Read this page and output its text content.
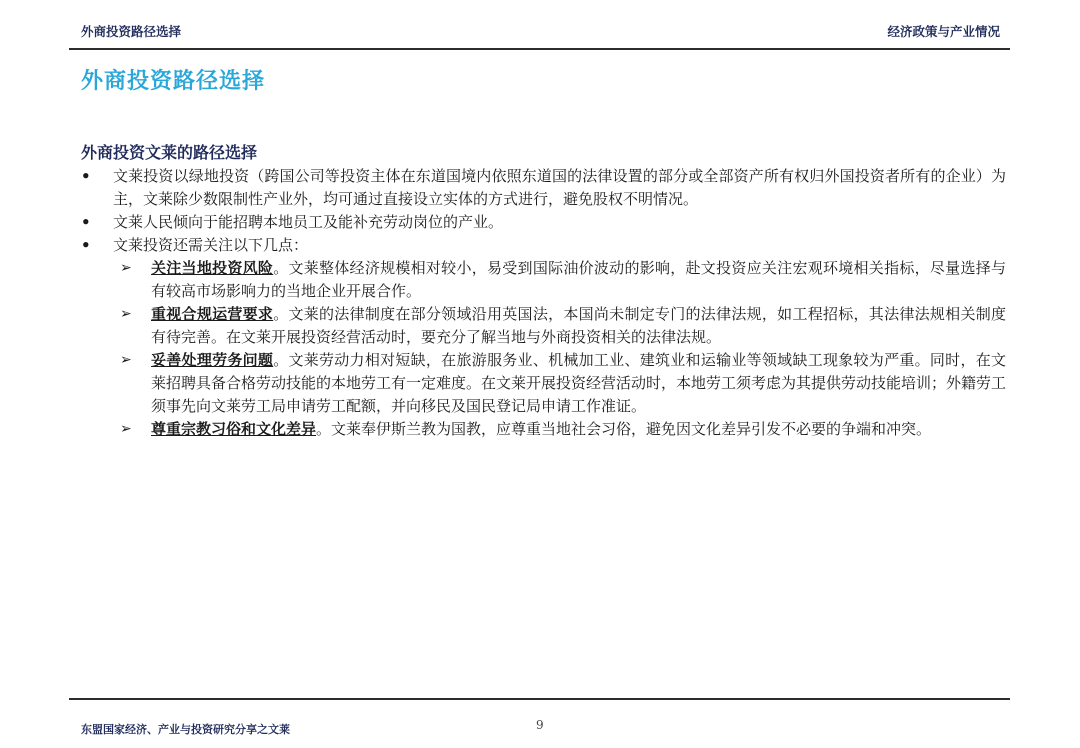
外商投资路径选择	经济政策与产业情况
外商投资路径选择
外商投资文莱的路径选择
• 文莱投资以绿地投资（跨国公司等投资主体在东道国境内依照东道国的法律设置的部分或全部资产所有权归外国投资者所有的企业）为主，文莱除少数限制性产业外，均可通过直接设立实体的方式进行，避免股权不明情况。
• 文莱人民倾向于能招聘本地员工及能补充劳动岗位的产业。
• 文莱投资还需关注以下几点：
➢ 关注当地投资风险。文莱整体经济规模相对较小，易受到国际油价波动的影响，赴文投资应关注宏观环境相关指标，尽量选择与有较高市场影响力的当地企业开展合作。
➢ 重视合规运营要求。文莱的法律制度在部分领域沿用英国法，本国尚未制定专门的法律法规，如工程招标，其法律法规相关制度有待完善。在文莱开展投资经营活动时，要充分了解当地与外商投资相关的法律法规。
➢ 妥善处理劳务问题。文莱劳动力相对短缺，在旅游服务业、机械加工业、建筑业和运输业等领域缺工现象较为严重。同时，在文莱招聘具备合格劳动技能的本地劳工有一定难度。在文莱开展投资经营活动时，本地劳工须考虑为其提供劳动技能培训；外籍劳工须事先向文莱劳工局申请劳工配额，并向移民及国民登记局申请工作准证。
➢ 尊重宗教习俗和文化差异。文莱奉伊斯兰教为国教，应尊重当地社会习俗，避免因文化差异引发不必要的争端和冲突。
东盟国家经济、产业与投资研究分享之文莱	9
